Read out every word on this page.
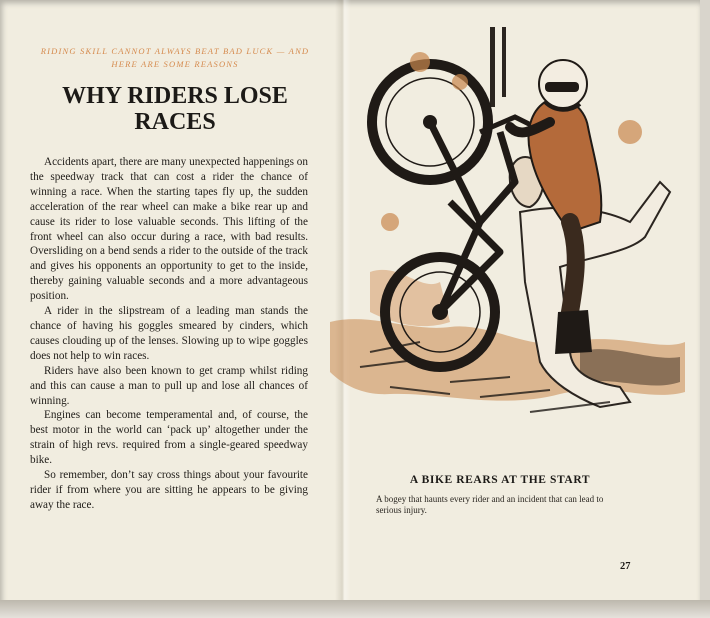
RIDING SKILL CANNOT ALWAYS BEAT BAD LUCK — AND HERE ARE SOME REASONS
WHY RIDERS LOSE RACES

Accidents apart, there are many unexpected happenings on the speedway track that can cost a rider the chance of winning a race. When the starting tapes fly up, the sudden acceleration of the rear wheel can make a bike rear up and cause its rider to lose valuable seconds. This lifting of the front wheel can also occur during a race, with bad results. Oversliding on a bend sends a rider to the outside of the track and gives his opponents an opportunity to get to the inside, thereby gaining valuable seconds and a more advantageous position.

A rider in the slipstream of a leading man stands the chance of having his goggles smeared by cinders, which causes clouding up of the lenses. Slowing up to wipe goggles does not help to win races.

Riders have also been known to get cramp whilst riding and this can cause a man to pull up and lose all chances of winning.

Engines can become temperamental and, of course, the best motor in the world can ‘pack up’ altogether under the strain of high revs. required from a single-geared speedway bike.

So remember, don’t say cross things about your favourite rider if from where you are sitting he appears to be giving away the race.

A BIKE REARS AT THE START
A bogey that haunts every rider and an incident that can lead to serious injury.
27
